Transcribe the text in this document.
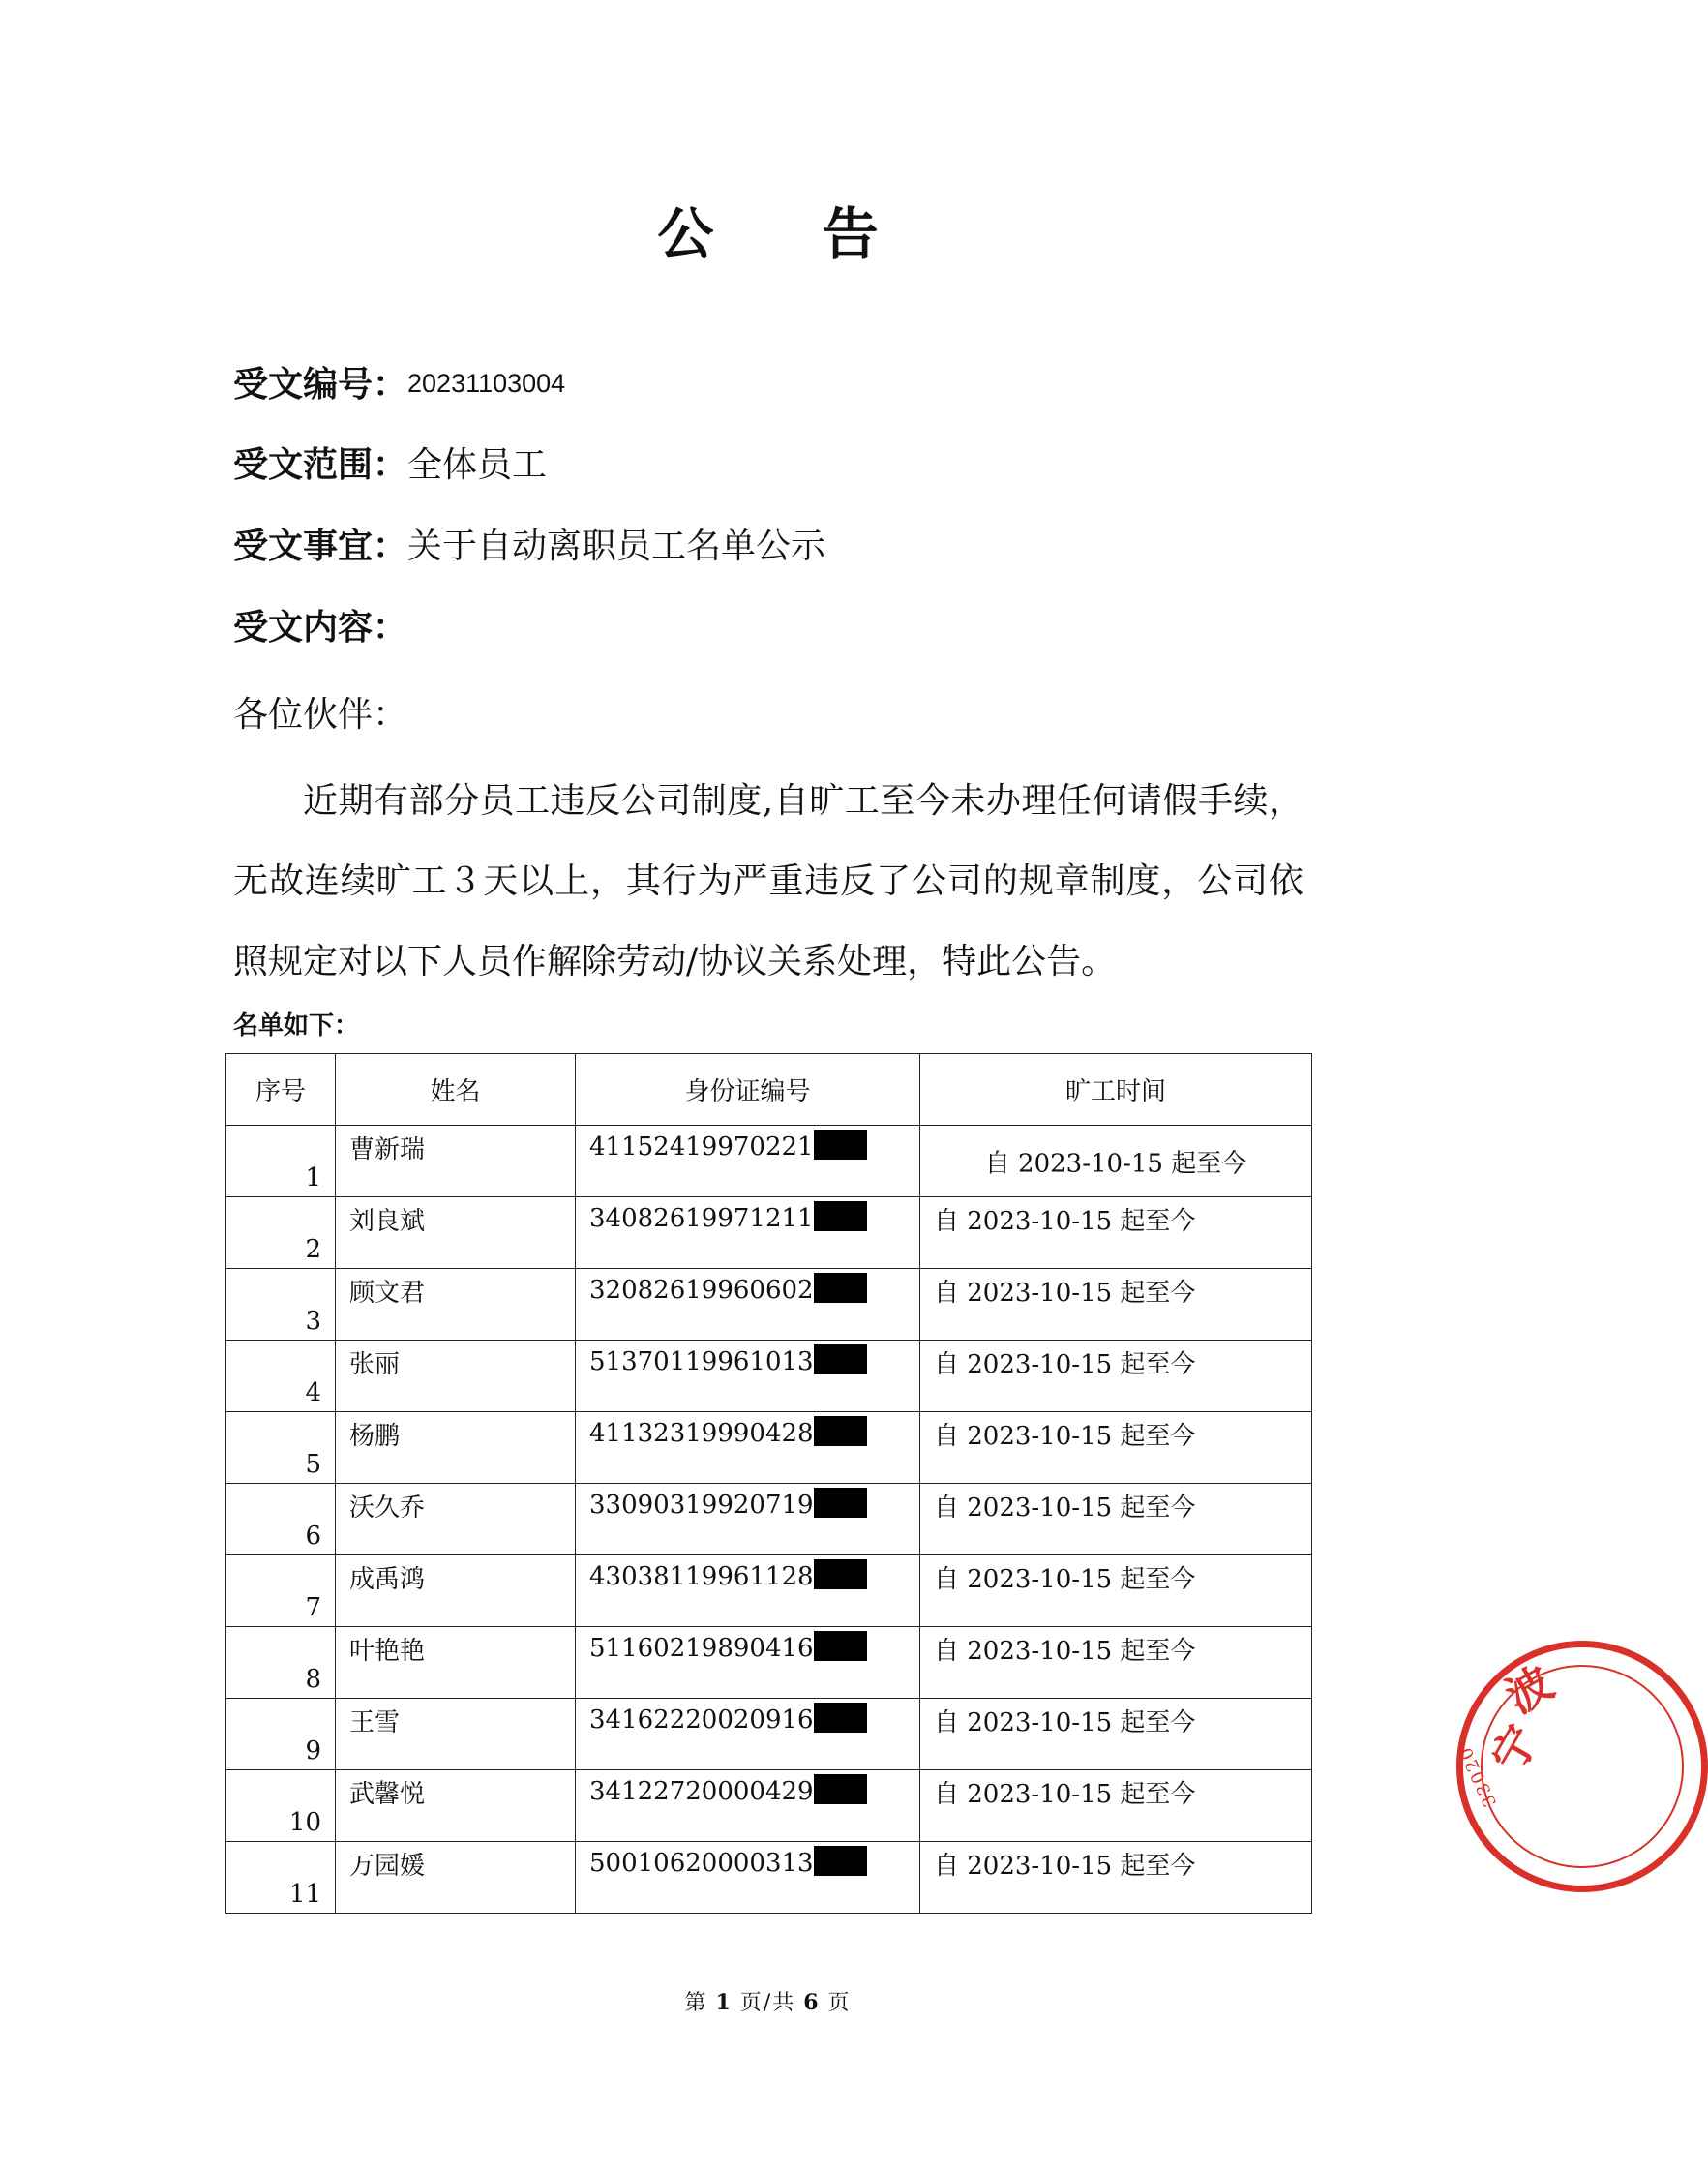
公 告
受文编号：20231103004
受文范围：全体员工
受文事宜：关于自动离职员工名单公示
受文内容：
各位伙伴：
近期有部分员工违反公司制度,自旷工至今未办理任何请假手续，无故连续旷工３天以上，其行为严重违反了公司的规章制度，公司依照规定对以下人员作解除劳动/协议关系处理，特此公告。
名单如下：
序号	姓名	身份证编号	旷工时间

1	曹新瑞	41152419970221	自 2023-10-15 起至今

2	刘良斌	34082619971211	自 2023-10-15 起至今

3	顾文君	32082619960602	自 2023-10-15 起至今

4	张丽	51370119961013	自 2023-10-15 起至今

5	杨鹏	41132319990428	自 2023-10-15 起至今

6	沃久乔	33090319920719	自 2023-10-15 起至今

7	成禹鸿	43038119961128	自 2023-10-15 起至今

8	叶艳艳	51160219890416	自 2023-10-15 起至今

9	王雪	34162220020916	自 2023-10-15 起至今

10	武馨悦	34122720000429	自 2023-10-15 起至今

11	万园媛	50010620000313	自 2023-10-15 起至今
第 1 页/共 6 页
宁
波
33020
